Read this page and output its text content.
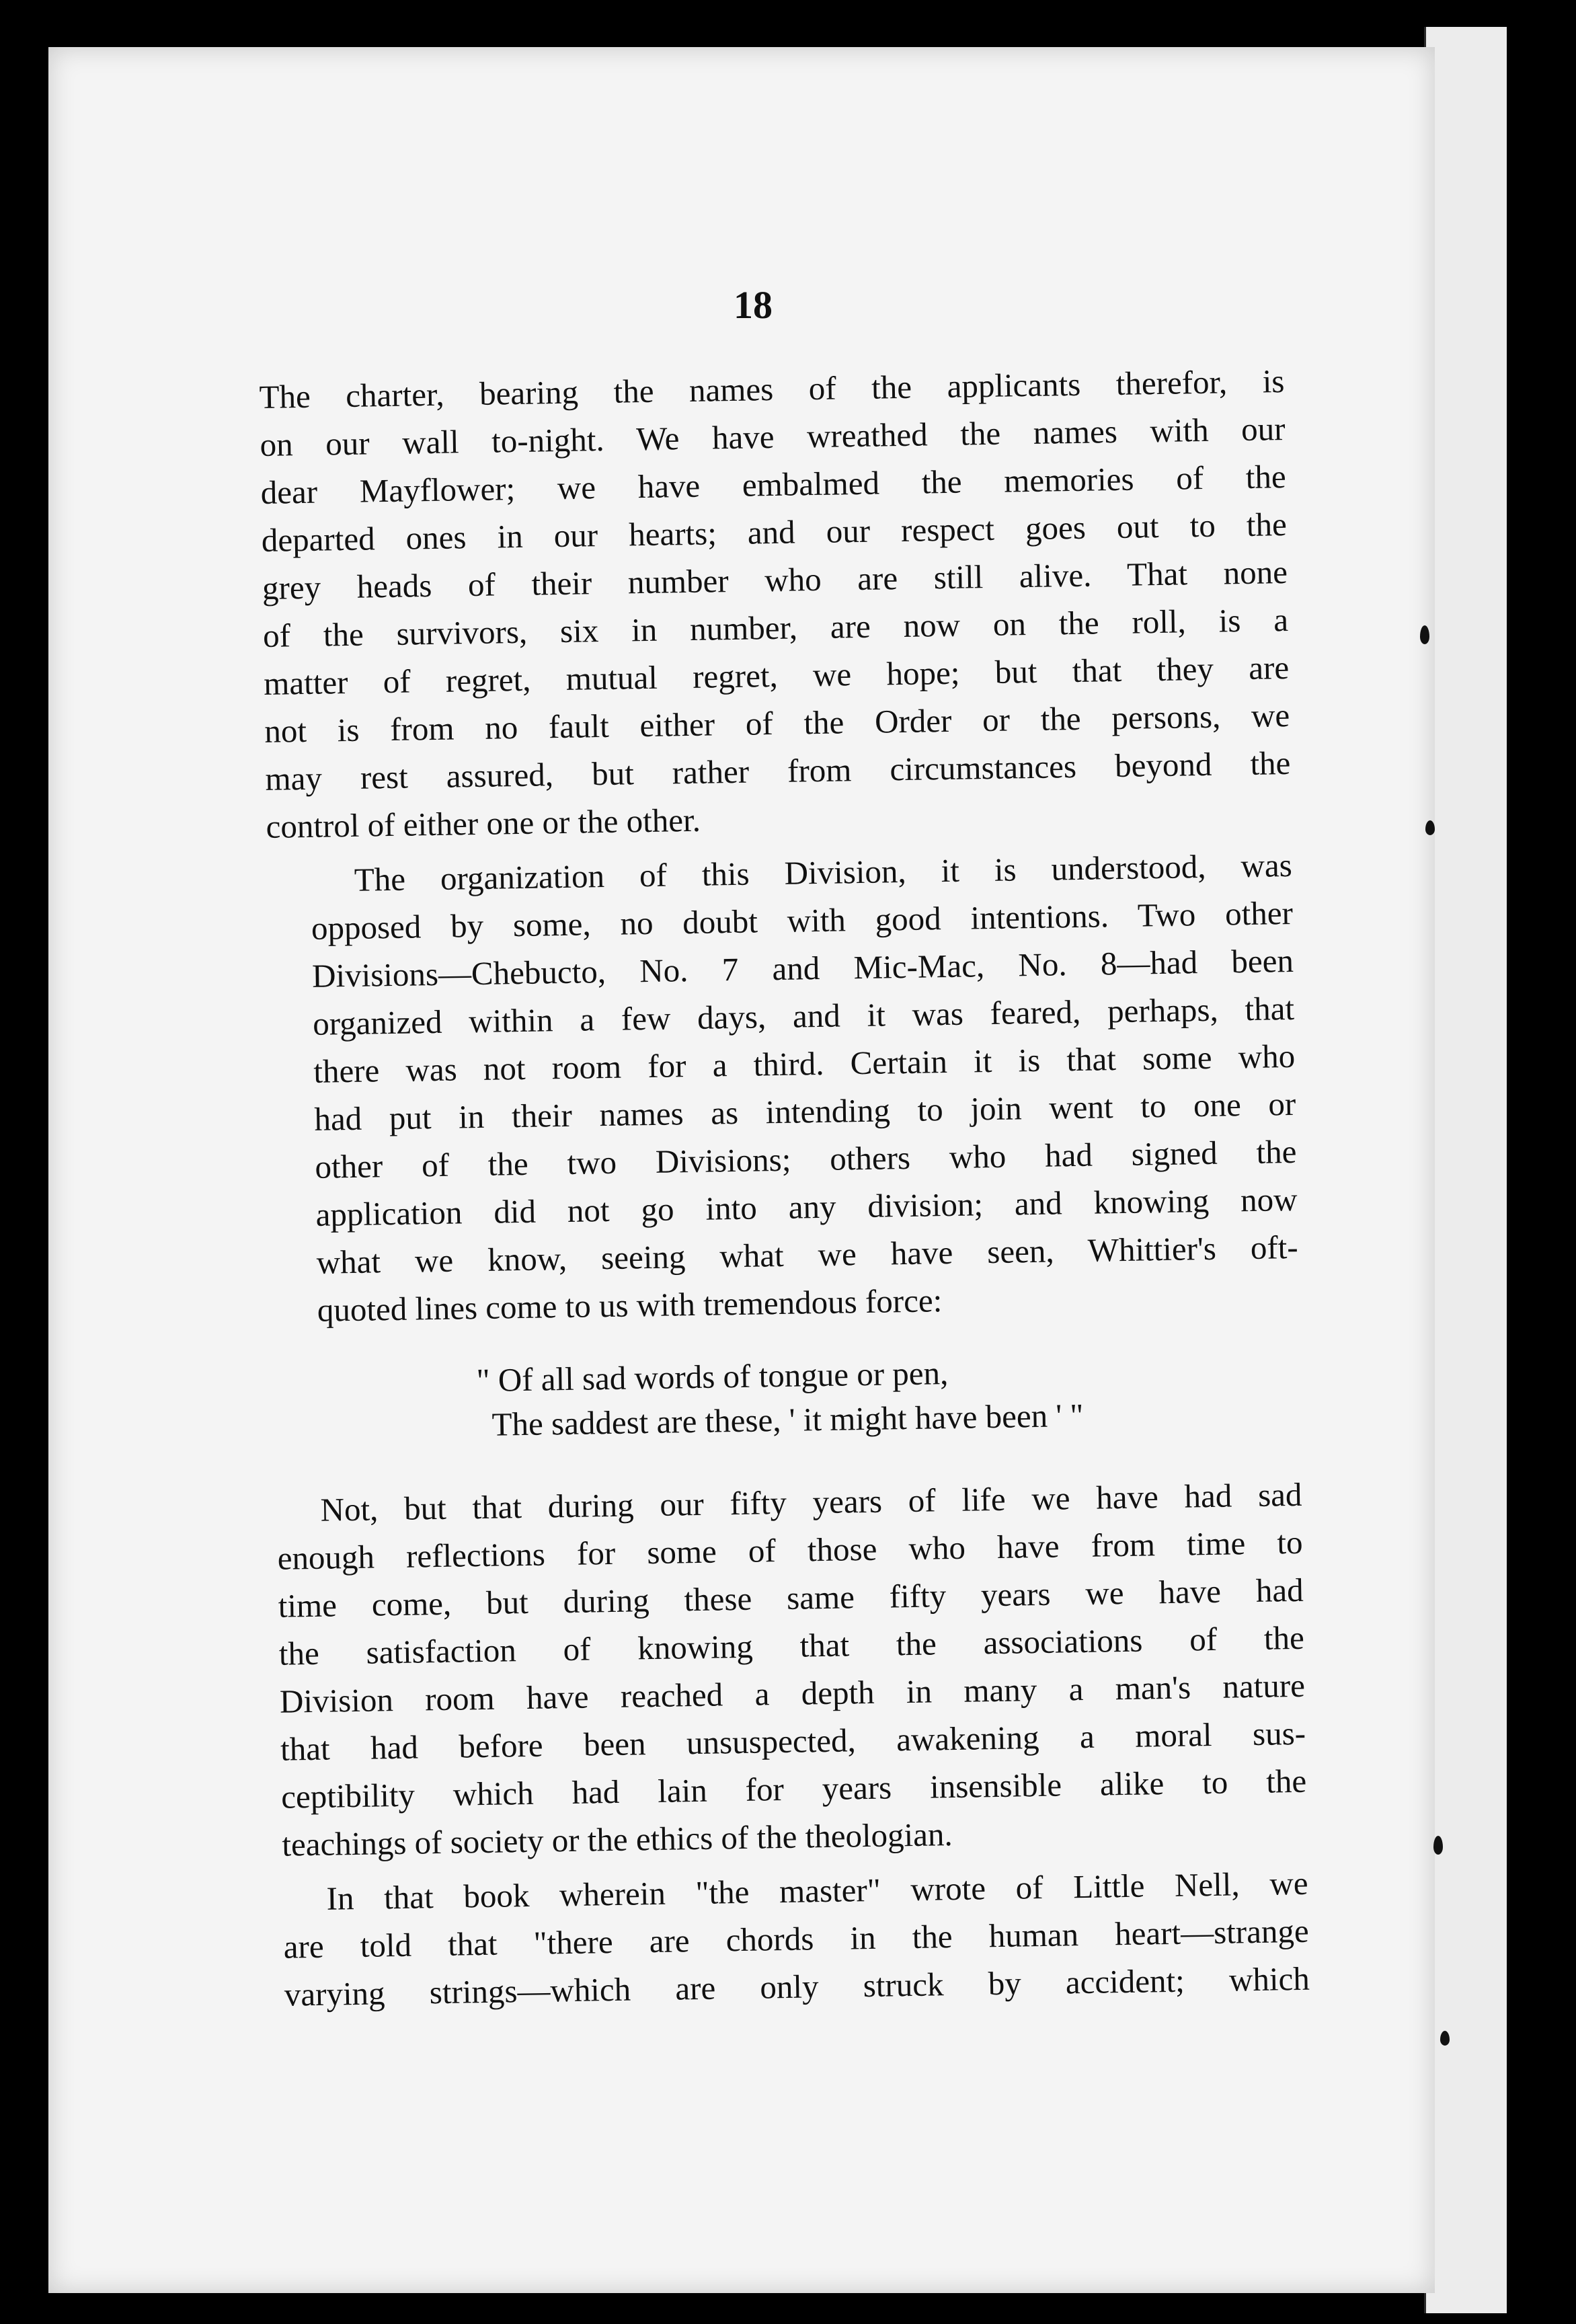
18
The charter, bearing the names of the applicants therefor, is
on our wall to-night. We have wreathed the names with our
dear Mayflower; we have embalmed the memories of the
departed ones in our hearts; and our respect goes out to the
grey heads of their number who are still alive. That none
of the survivors, six in number, are now on the roll, is a
matter of regret, mutual regret, we hope; but that they are
not is from no fault either of the Order or the persons, we
may rest assured, but rather from circumstances beyond the
control of either one or the other.
The organization of this Division, it is understood, was
opposed by some, no doubt with good intentions. Two other
Divisions—Chebucto, No. 7 and Mic-Mac, No. 8—had been
organized within a few days, and it was feared, perhaps, that
there was not room for a third. Certain it is that some who
had put in their names as intending to join went to one or
other of the two Divisions; others who had signed the
application did not go into any division; and knowing now
what we know, seeing what we have seen, Whittier's oft-
quoted lines come to us with tremendous force:
" Of all sad words of tongue or pen,
The saddest are these, ' it might have been ' "
Not, but that during our fifty years of life we have had sad
enough reflections for some of those who have from time to
time come, but during these same fifty years we have had
the satisfaction of knowing that the associations of the
Division room have reached a depth in many a man's nature
that had before been unsuspected, awakening a moral sus-
ceptibility which had lain for years insensible alike to the
teachings of society or the ethics of the theologian.
In that book wherein "the master" wrote of Little Nell, we
are told that "there are chords in the human heart—strange
varying strings—which are only struck by accident; which
